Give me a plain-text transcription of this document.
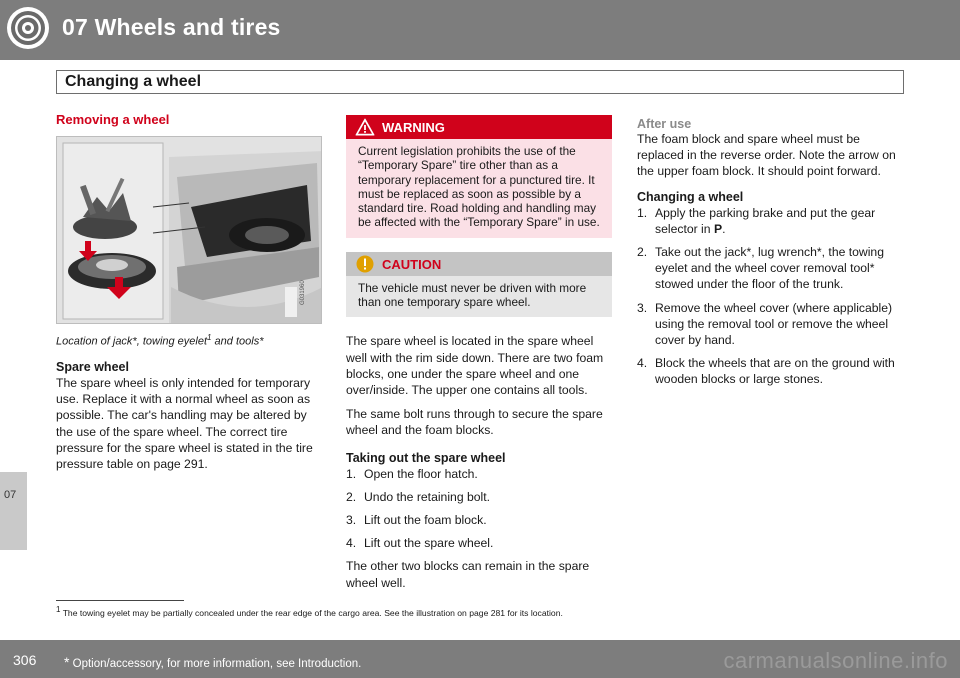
07 Wheels and tires
Changing a wheel
07
Removing a wheel
G031960
Location of jack*, towing eyelet$^1$ and tools*
Spare wheel

The spare wheel is only intended for temporary use. Replace it with a normal wheel as soon as possible. The car's handling may be altered by the use of the spare wheel. The correct tire pressure for the spare wheel is stated in the tire pressure table on page 291.

WARNING
Current legislation prohibits the use of the “Temporary Spare” tire other than as a temporary replacement for a punctured tire. It must be replaced as soon as possible by a standard tire. Road holding and handling may be affected with the “Temporary Spare” in use.
CAUTION
The vehicle must never be driven with more than one temporary spare wheel.

The spare wheel is located in the spare wheel well with the rim side down. There are two foam blocks, one under the spare wheel and one over/inside. The upper one contains all tools.

The same bolt runs through to secure the spare wheel and the foam blocks.

Taking out the spare wheel
1. Open the floor hatch.
2. Undo the retaining bolt.
3. Lift out the foam block.
4. Lift out the spare wheel.

The other two blocks can remain in the spare wheel well.

After use

The foam block and spare wheel must be replaced in the reverse order. Note the arrow on the upper foam block. It should point forward.

Changing a wheel
1. Apply the parking brake and put the gear selector in P.
2. Take out the jack*, lug wrench*, the towing eyelet and the wheel cover removal tool* stowed under the floor of the trunk.
3. Remove the wheel cover (where applicable) using the removal tool or remove the wheel cover by hand.
4. Block the wheels that are on the ground with wooden blocks or large stones.
1 The towing eyelet may be partially concealed under the rear edge of the cargo area. See the illustration on page 281 for its location.
306 * Option/accessory, for more information, see Introduction.	carmanualsonline.info
